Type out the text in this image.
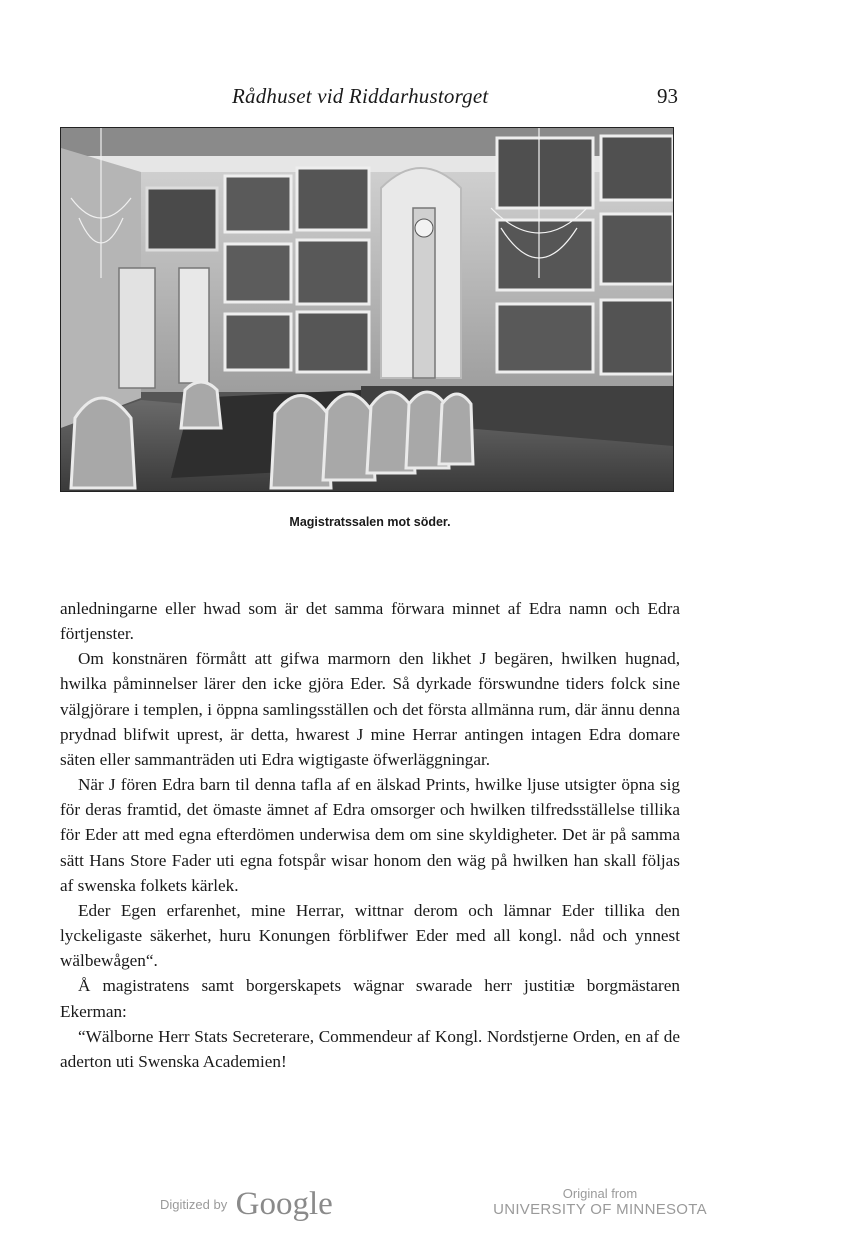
Rådhuset vid Riddarhustorget	93
Magistratssalen mot söder.

anledningarne eller hwad som är det samma förwara minnet af Edra namn och Edra förtjenster.

Om konstnären förmått att gifwa marmorn den likhet J begären, hwilken hugnad, hwilka påminnelser lärer den icke gjöra Eder. Så dyrkade förswundne tiders folck sine välgjörare i templen, i öppna samlingsställen och det första allmänna rum, där ännu denna prydnad blifwit uprest, är detta, hwarest J mine Herrar antingen intagen Edra domare säten eller sammanträden uti Edra wigtigaste öfwerläggningar.

När J fören Edra barn til denna tafla af en älskad Prints, hwilke ljuse utsigter öpna sig för deras framtid, det ömaste ämnet af Edra omsorger och hwilken tilfredsställelse tillika för Eder att med egna efterdömen underwisa dem om sine skyldigheter. Det är på samma sätt Hans Store Fader uti egna fotspår wisar honom den wäg på hwilken han skall följas af swenska folkets kärlek.

Eder Egen erfarenhet, mine Herrar, wittnar derom och lämnar Eder tillika den lyckeligaste säkerhet, huru Konungen förblifwer Eder med all kongl. nåd och ynnest wälbewågen“.

Å magistratens samt borgerskapets wägnar swarade herr justitiæ borgmästaren Ekerman:

“Wälborne Herr Stats Secreterare, Commendeur af Kongl. Nordstjerne Orden, en af de aderton uti Swenska Academien!

Digitized by Google	Original from
UNIVERSITY OF MINNESOTA
